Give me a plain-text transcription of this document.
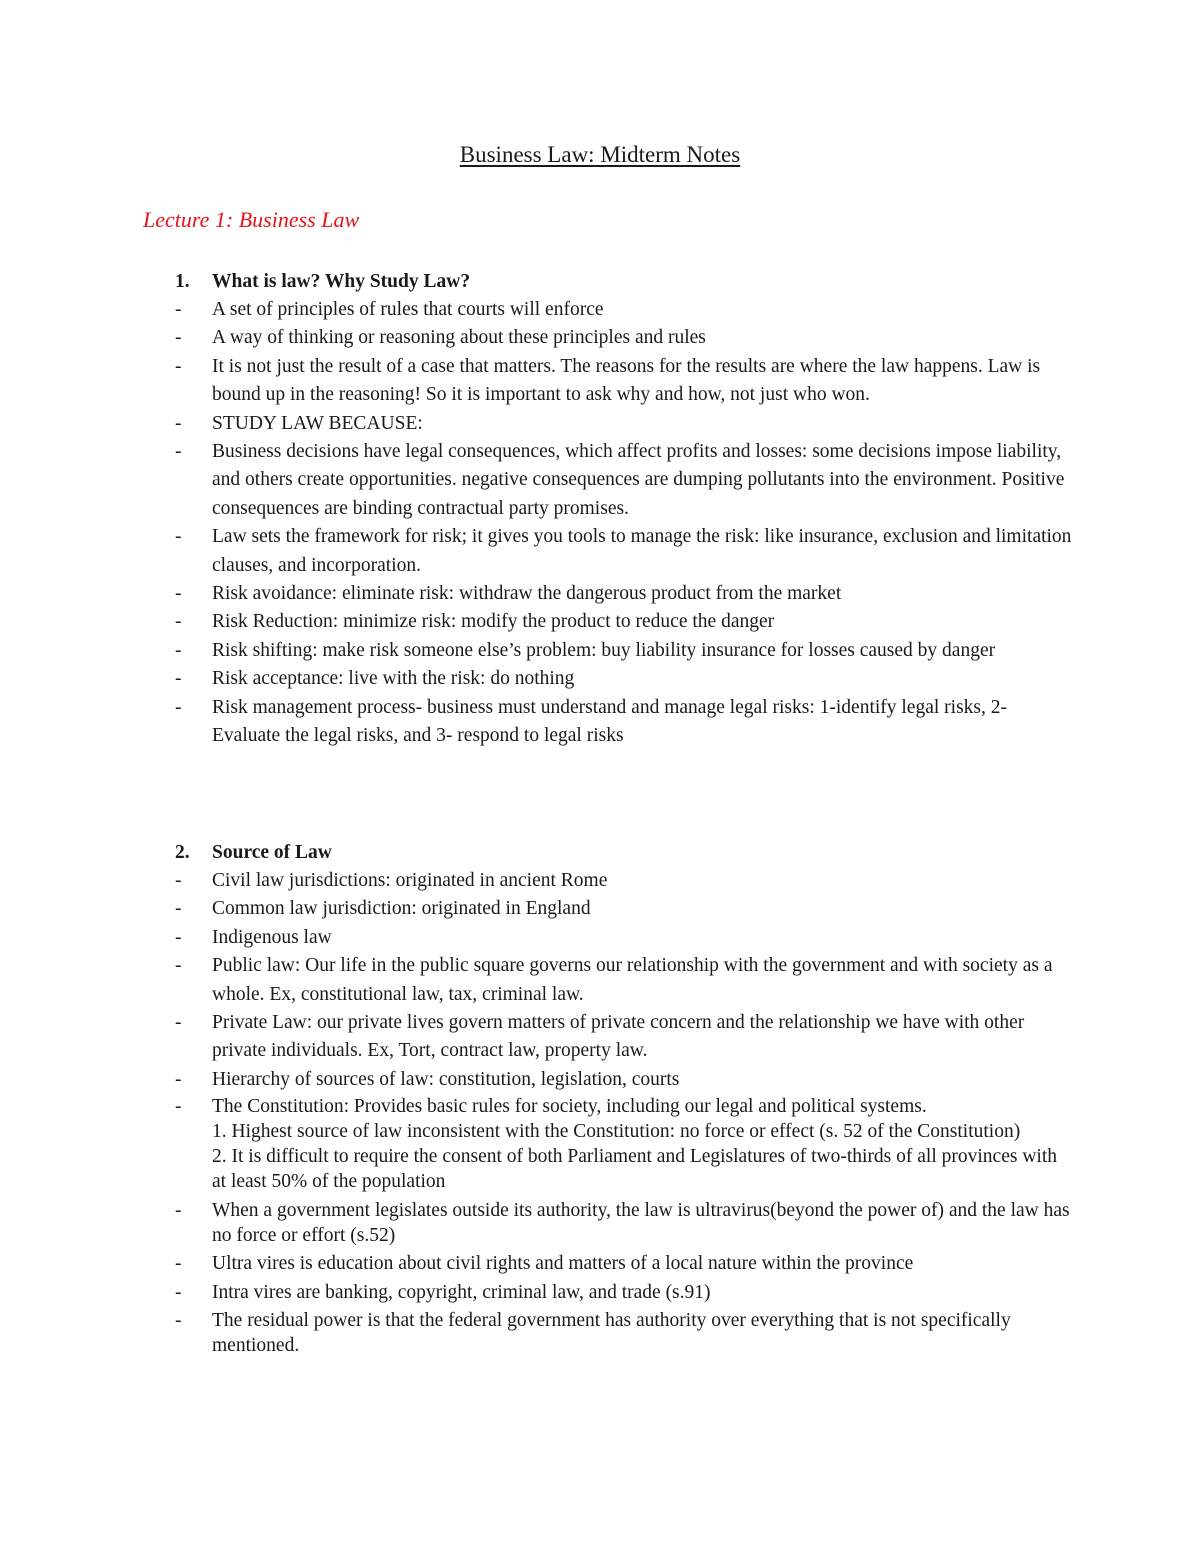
Business Law: Midterm Notes
Lecture 1: Business Law
1. What is law? Why Study Law?
- A set of principles of rules that courts will enforce
- A way of thinking or reasoning about these principles and rules
- It is not just the result of a case that matters. The reasons for the results are where the law happens. Law is bound up in the reasoning! So it is important to ask why and how, not just who won.
- STUDY LAW BECAUSE:
- Business decisions have legal consequences, which affect profits and losses: some decisions impose liability, and others create opportunities. negative consequences are dumping pollutants into the environment. Positive consequences are binding contractual party promises.
- Law sets the framework for risk; it gives you tools to manage the risk: like insurance, exclusion and limitation clauses, and incorporation.
- Risk avoidance: eliminate risk: withdraw the dangerous product from the market
- Risk Reduction: minimize risk: modify the product to reduce the danger
- Risk shifting: make risk someone else’s problem: buy liability insurance for losses caused by danger
- Risk acceptance: live with the risk: do nothing
- Risk management process- business must understand and manage legal risks: 1-identify legal risks, 2-Evaluate the legal risks, and 3- respond to legal risks
2. Source of Law
- Civil law jurisdictions: originated in ancient Rome
- Common law jurisdiction: originated in England
- Indigenous law
- Public law: Our life in the public square governs our relationship with the government and with society as a whole. Ex, constitutional law, tax, criminal law.
- Private Law: our private lives govern matters of private concern and the relationship we have with other private individuals. Ex, Tort, contract law, property law.
- Hierarchy of sources of law: constitution, legislation, courts
- The Constitution: Provides basic rules for society, including our legal and political systems.
1. Highest source of law inconsistent with the Constitution: no force or effect (s. 52 of the Constitution)
2. It is difficult to require the consent of both Parliament and Legislatures of two-thirds of all provinces with at least 50% of the population
- When a government legislates outside its authority, the law is ultravirus(beyond the power of) and the law has no force or effort (s.52)
- Ultra vires is education about civil rights and matters of a local nature within the province
- Intra vires are banking, copyright, criminal law, and trade (s.91)
- The residual power is that the federal government has authority over everything that is not specifically mentioned.
